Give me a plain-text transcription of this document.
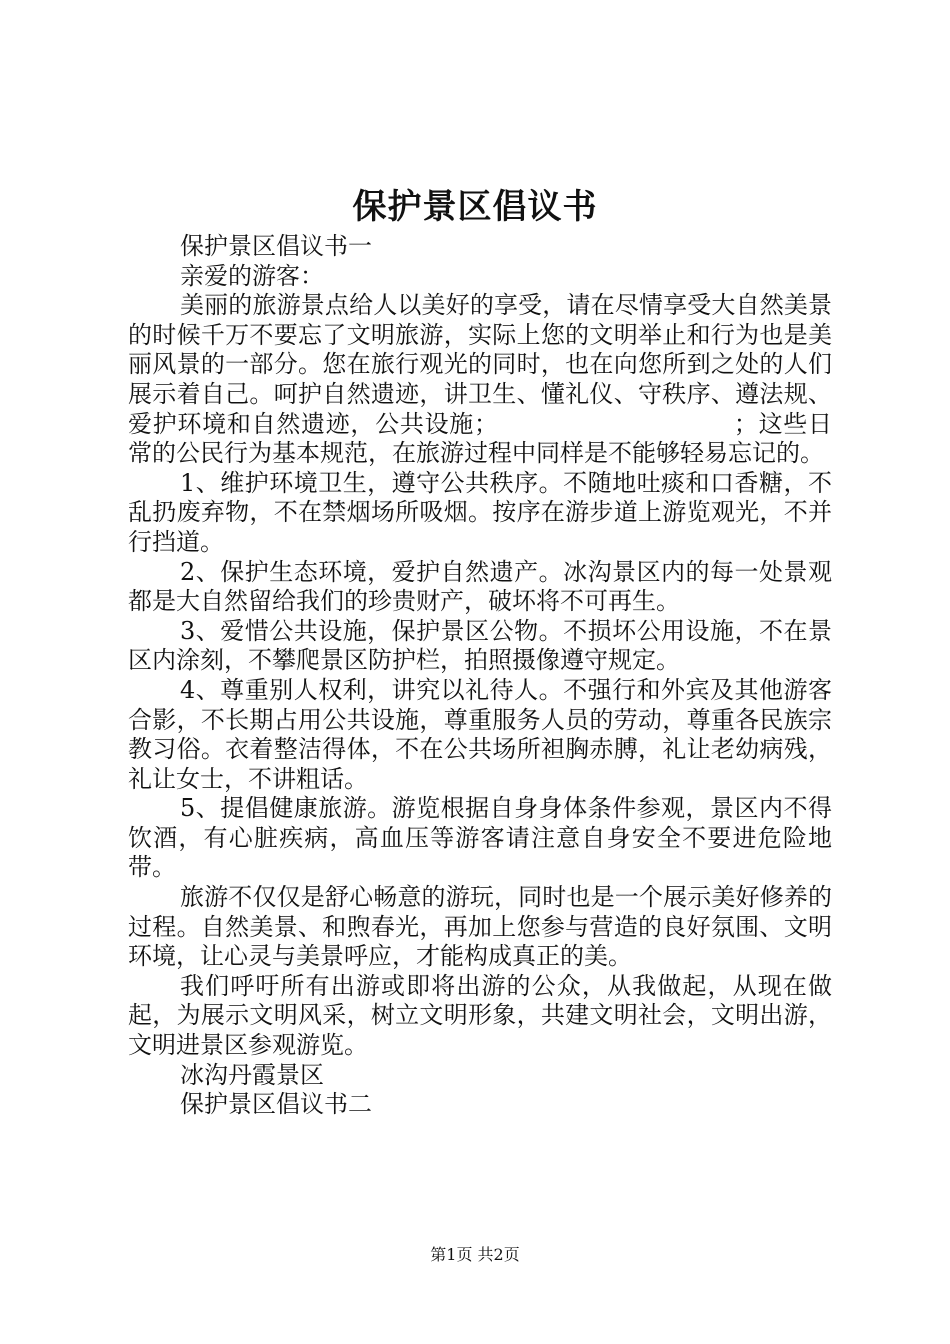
保护景区倡议书

保护景区倡议书一

亲爱的游客：

美丽的旅游景点给人以美好的享受，请在尽情享受大自然美景的时候千万不要忘了文明旅游，实际上您的文明举止和行为也是美丽风景的一部分。您在旅行观光的同时，也在向您所到之处的人们展示着自己。呵护自然遗迹，讲卫生、懂礼仪、守秩序、遵法规、爱护环境和自然遗迹，公共设施；　　　　　　　　　　；这些日常的公民行为基本规范，在旅游过程中同样是不能够轻易忘记的。

1、维护环境卫生，遵守公共秩序。不随地吐痰和口香糖，不乱扔废弃物，不在禁烟场所吸烟。按序在游步道上游览观光，不并行挡道。

2、保护生态环境，爱护自然遗产。冰沟景区内的每一处景观都是大自然留给我们的珍贵财产，破坏将不可再生。

3、爱惜公共设施，保护景区公物。不损坏公用设施，不在景区内涂刻，不攀爬景区防护栏，拍照摄像遵守规定。

4、尊重别人权利，讲究以礼待人。不强行和外宾及其他游客合影，不长期占用公共设施，尊重服务人员的劳动，尊重各民族宗教习俗。衣着整洁得体，不在公共场所袒胸赤膊，礼让老幼病残，礼让女士，不讲粗话。

5、提倡健康旅游。游览根据自身身体条件参观，景区内不得饮酒，有心脏疾病，高血压等游客请注意自身安全不要进危险地带。

旅游不仅仅是舒心畅意的游玩，同时也是一个展示美好修养的过程。自然美景、和煦春光，再加上您参与营造的良好氛围、文明环境，让心灵与美景呼应，才能构成真正的美。

我们呼吁所有出游或即将出游的公众，从我做起，从现在做起，为展示文明风采，树立文明形象，共建文明社会，文明出游，文明进景区参观游览。

冰沟丹霞景区

保护景区倡议书二

第1页 共2页
